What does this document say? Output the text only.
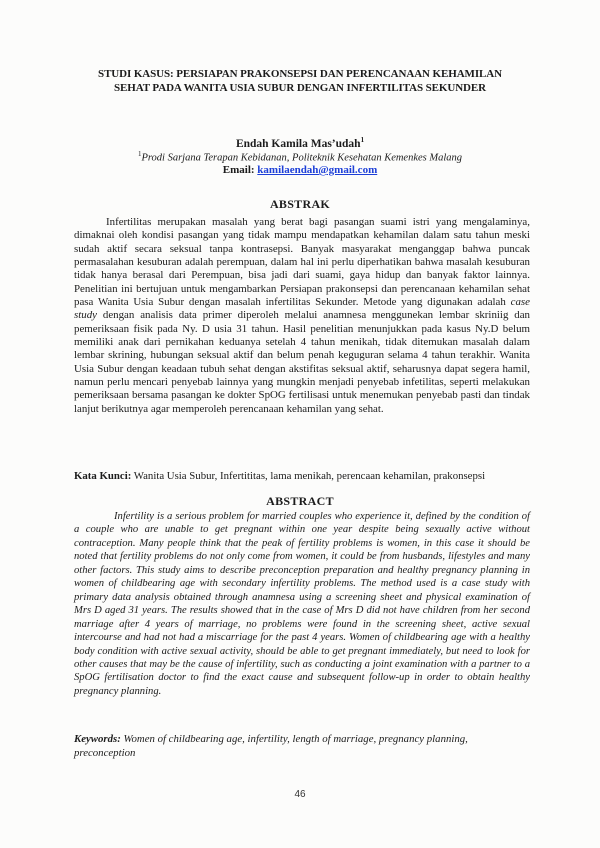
STUDI KASUS: PERSIAPAN PRAKONSEPSI DAN PERENCANAAN KEHAMILAN
SEHAT PADA WANITA USIA SUBUR DENGAN INFERTILITAS SEKUNDER
Endah Kamila Mas’udah$^1$
$^1$Prodi Sarjana Terapan Kebidanan, Politeknik Kesehatan Kemenkes Malang
Email: kamilaendah@gmail.com
ABSTRAK
Infertilitas merupakan masalah yang berat bagi pasangan suami istri yang mengalaminya, dimaknai oleh kondisi pasangan yang tidak mampu mendapatkan kehamilan dalam satu tahun meski sudah aktif secara seksual tanpa kontrasepsi. Banyak masyarakat menganggap bahwa puncak permasalahan kesuburan adalah perempuan, dalam hal ini perlu diperhatikan bahwa masalah kesuburan tidak hanya berasal dari Perempuan, bisa jadi dari suami, gaya hidup dan banyak faktor lainnya. Penelitian ini bertujuan untuk mengambarkan Persiapan prakonsepsi dan perencanaan kehamilan sehat pasa Wanita Usia Subur dengan masalah infertilitas Sekunder. Metode yang digunakan adalah case study dengan analisis data primer diperoleh melalui anamnesa menggunekan lembar skriniig dan pemeriksaan fisik pada Ny. D usia 31 tahun. Hasil penelitian menunjukkan pada kasus Ny.D belum memiliki anak dari pernikahan keduanya setelah 4 tahun menikah, tidak ditemukan masalah dalam lembar skrining, hubungan seksual aktif dan belum penah keguguran selama 4 tahun terakhir. Wanita Usia Subur dengan keadaan tubuh sehat dengan akstifitas seksual aktif, seharusnya dapat segera hamil, namun perlu mencari penyebab lainnya yang mungkin menjadi penyebab infetilitas, seperti melakukan pemeriksaan bersama pasangan ke dokter SpOG fertilisasi untuk menemukan penyebab pasti dan tindak lanjut berikutnya agar memperoleh perencanaan kehamilan yang sehat.
Kata Kunci: Wanita Usia Subur, Infertititas, lama menikah, perencaan kehamilan, prakonsepsi
ABSTRACT
Infertility is a serious problem for married couples who experience it, defined by the condition of a couple who are unable to get pregnant within one year despite being sexually active without contraception. Many people think that the peak of fertility problems is women, in this case it should be noted that fertility problems do not only come from women, it could be from husbands, lifestyles and many other factors. This study aims to describe preconception preparation and healthy pregnancy planning in women of childbearing age with secondary infertility problems. The method used is a case study with primary data analysis obtained through anamnesa using a screening sheet and physical examination of Mrs D aged 31 years. The results showed that in the case of Mrs D did not have children from her second marriage after 4 years of marriage, no problems were found in the screening sheet, active sexual intercourse and had not had a miscarriage for the past 4 years. Women of childbearing age with a healthy body condition with active sexual activity, should be able to get pregnant immediately, but need to look for other causes that may be the cause of infertility, such as conducting a joint examination with a partner to a SpOG fertilisation doctor to find the exact cause and subsequent follow-up in order to obtain healthy pregnancy planning.
Keywords: Women of childbearing age, infertility, length of marriage, pregnancy planning, preconception
46
